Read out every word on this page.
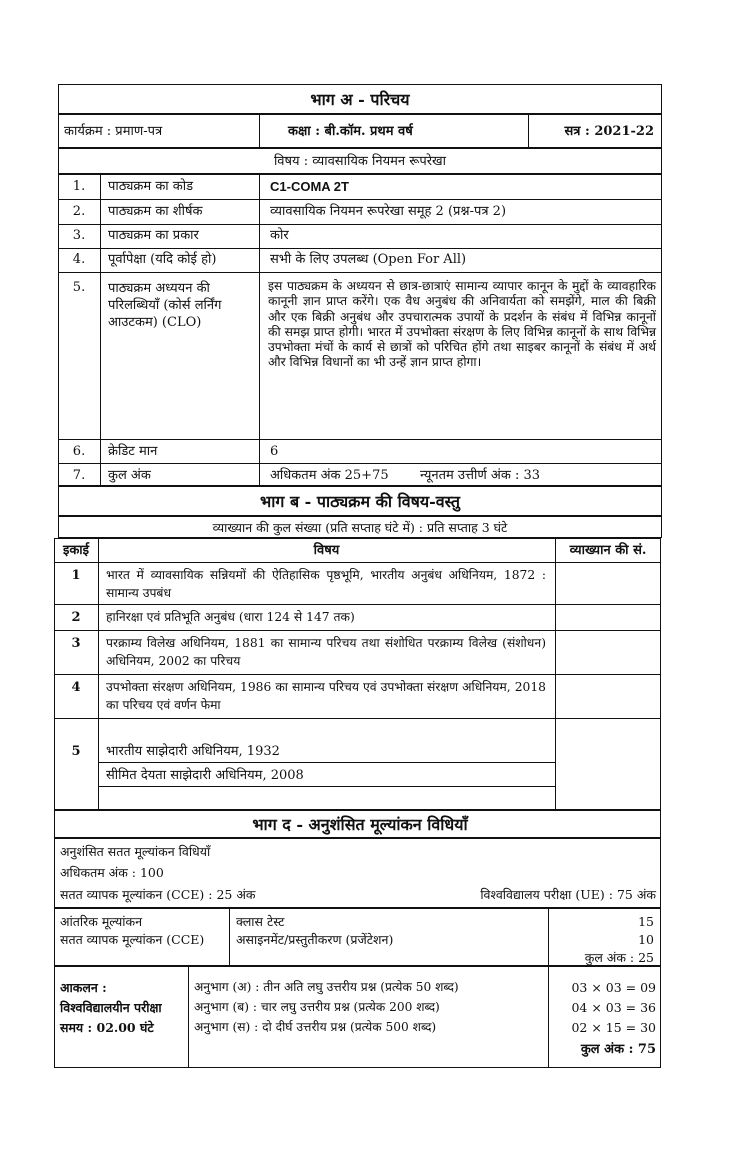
भाग अ - परिचय
कार्यक्रम : प्रमाण-पत्र	कक्षा : बी.कॉम. प्रथम वर्ष	सत्र : 2021-22
विषय : व्यावसायिक नियमन रूपरेखा
1.	पाठ्यक्रम का कोड	C1-COMA 2T
2.	पाठ्यक्रम का शीर्षक	व्यावसायिक नियमन रूपरेखा समूह 2 (प्रश्न-पत्र 2)
3.	पाठ्यक्रम का प्रकार	कोर
4.	पूर्वापेक्षा (यदि कोई हो)	सभी के लिए उपलब्ध (Open For All)
5.	पाठ्यक्रम अध्ययन की परिलब्धियाँ (कोर्स लर्निंग आउटकम) (CLO)
इस पाठ्यक्रम के अध्ययन से छात्र-छात्राएं सामान्य व्यापार कानून के मुद्दों के व्यावहारिक कानूनी ज्ञान प्राप्त करेंगे। एक वैध अनुबंध की अनिवार्यता को समझेंगे, माल की बिक्री और एक बिक्री अनुबंध और उपचारात्मक उपायों के प्रदर्शन के संबंध में विभिन्न कानूनों की समझ प्राप्त होगी। भारत में उपभोक्ता संरक्षण के लिए विभिन्न कानूनों के साथ विभिन्न उपभोक्ता मंचों के कार्य से छात्रों को परिचित होंगे तथा साइबर कानूनों के संबंध में अर्थ और विभिन्न विधानों का भी उन्हें ज्ञान प्राप्त होगा।
6.	क्रेडिट मान	6
7.	कुल अंक	अधिकतम अंक 25+75 न्यूनतम उत्तीर्ण अंक : 33
भाग ब - पाठ्यक्रम की विषय-वस्तु
व्याख्यान की कुल संख्या (प्रति सप्ताह घंटे में) : प्रति सप्ताह 3 घंटे
इकाई	विषय	व्याख्यान की सं.
1	भारत में व्यावसायिक सन्नियमों की ऐतिहासिक पृष्ठभूमि, भारतीय अनुबंध अधिनियम, 1872 : सामान्य उपबंध
2	हानिरक्षा एवं प्रतिभूति अनुबंध (धारा 124 से 147 तक)
3	परक्राम्य विलेख अधिनियम, 1881 का सामान्य परिचय तथा संशोधित परक्राम्य विलेख (संशोधन) अधिनियम, 2002 का परिचय
4	उपभोक्ता संरक्षण अधिनियम, 1986 का सामान्य परिचय एवं उपभोक्ता संरक्षण अधिनियम, 2018 का परिचय एवं वर्णन फेमा
5	भारतीय साझेदारी अधिनियम, 1932
सीमित देयता साझेदारी अधिनियम, 2008
भाग द - अनुशंसित मूल्यांकन विधियाँ
अनुशंसित सतत मूल्यांकन विधियाँ
अधिकतम अंक : 100
सतत व्यापक मूल्यांकन (CCE) : 25 अंक	विश्वविद्यालय परीक्षा (UE) : 75 अंक
आंतरिक मूल्यांकन
सतत व्यापक मूल्यांकन (CCE)
क्लास टेस्ट	15
असाइनमेंट/प्रस्तुतीकरण (प्रजेंटेशन)	10
कुल अंक : 25
आकलन :
विश्वविद्यालयीन परीक्षा
समय : 02.00 घंटे
अनुभाग (अ) : तीन अति लघु उत्तरीय प्रश्न (प्रत्येक 50 शब्द)	03 × 03 = 09
अनुभाग (ब) : चार लघु उत्तरीय प्रश्न (प्रत्येक 200 शब्द)	04 × 03 = 36
अनुभाग (स) : दो दीर्घ उत्तरीय प्रश्न (प्रत्येक 500 शब्द)	02 × 15 = 30
कुल अंक : 75
